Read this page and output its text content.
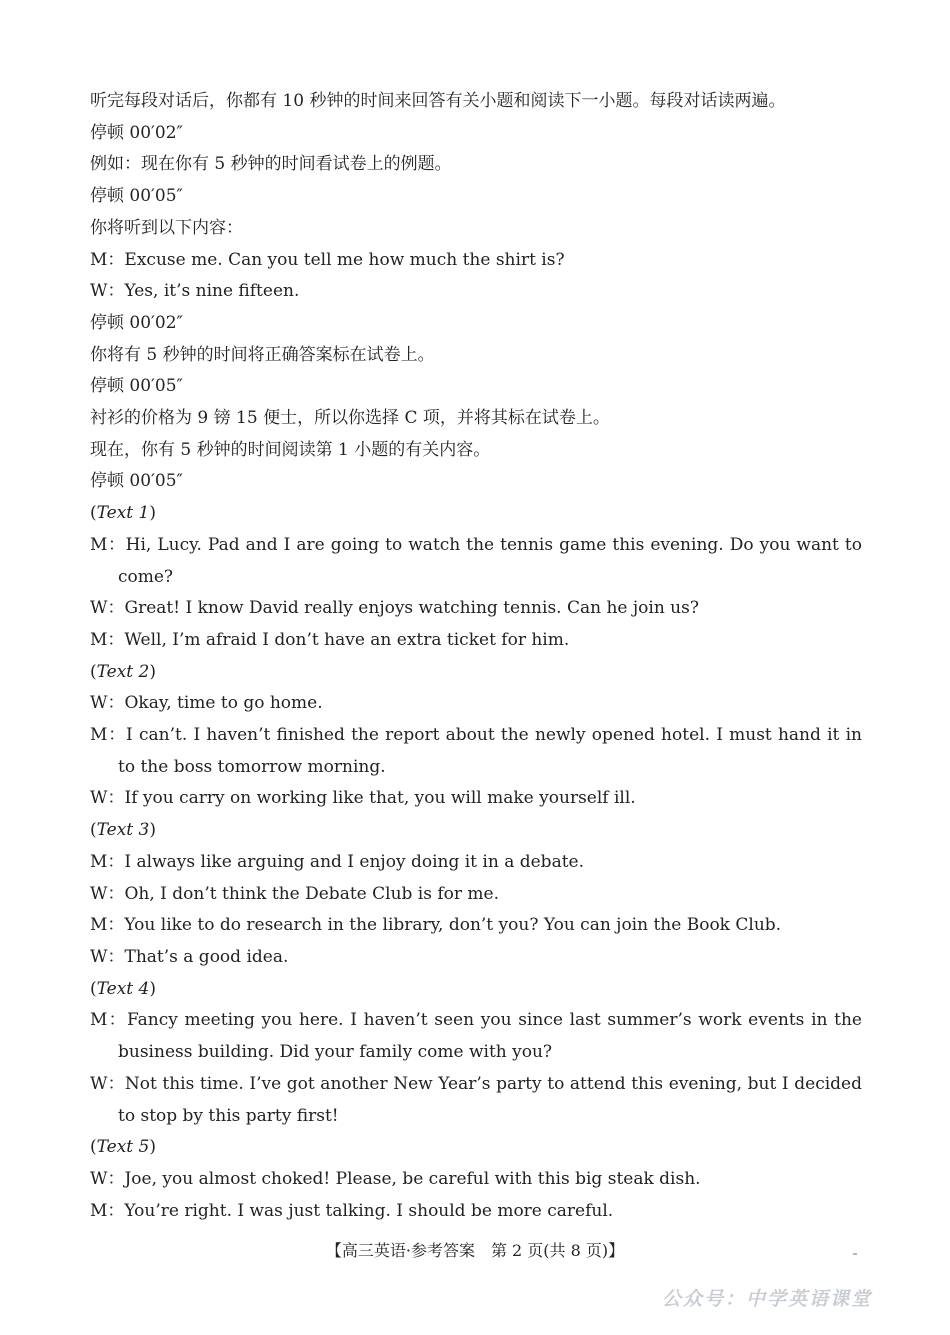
听完每段对话后，你都有 10 秒钟的时间来回答有关小题和阅读下一小题。每段对话读两遍。
停顿 00′02″
例如：现在你有 5 秒钟的时间看试卷上的例题。
停顿 00′05″
你将听到以下内容：
M：Excuse me. Can you tell me how much the shirt is?
W：Yes, it’s nine fifteen.
停顿 00′02″
你将有 5 秒钟的时间将正确答案标在试卷上。
停顿 00′05″
衬衫的价格为 9 镑 15 便士，所以你选择 C 项，并将其标在试卷上。
现在，你有 5 秒钟的时间阅读第 1 小题的有关内容。
停顿 00′05″
(Text 1)
M：Hi, Lucy. Pad and I are going to watch the tennis game this evening. Do you want to come?
W：Great! I know David really enjoys watching tennis. Can he join us?
M：Well, I’m afraid I don’t have an extra ticket for him.
(Text 2)
W：Okay, time to go home.
M：I can’t. I haven’t finished the report about the newly opened hotel. I must hand it in to the boss tomorrow morning.
W：If you carry on working like that, you will make yourself ill.
(Text 3)
M：I always like arguing and I enjoy doing it in a debate.
W：Oh, I don’t think the Debate Club is for me.
M：You like to do research in the library, don’t you? You can join the Book Club.
W：That’s a good idea.
(Text 4)
M：Fancy meeting you here. I haven’t seen you since last summer’s work events in the business building. Did your family come with you?
W：Not this time. I’ve got another New Year’s party to attend this evening, but I decided to stop by this party first!
(Text 5)
W：Joe, you almost choked! Please, be careful with this big steak dish.
M：You’re right. I was just talking. I should be more careful.
【高三英语·参考答案　第 2 页(共 8 页)】
公众号：中学英语课堂
